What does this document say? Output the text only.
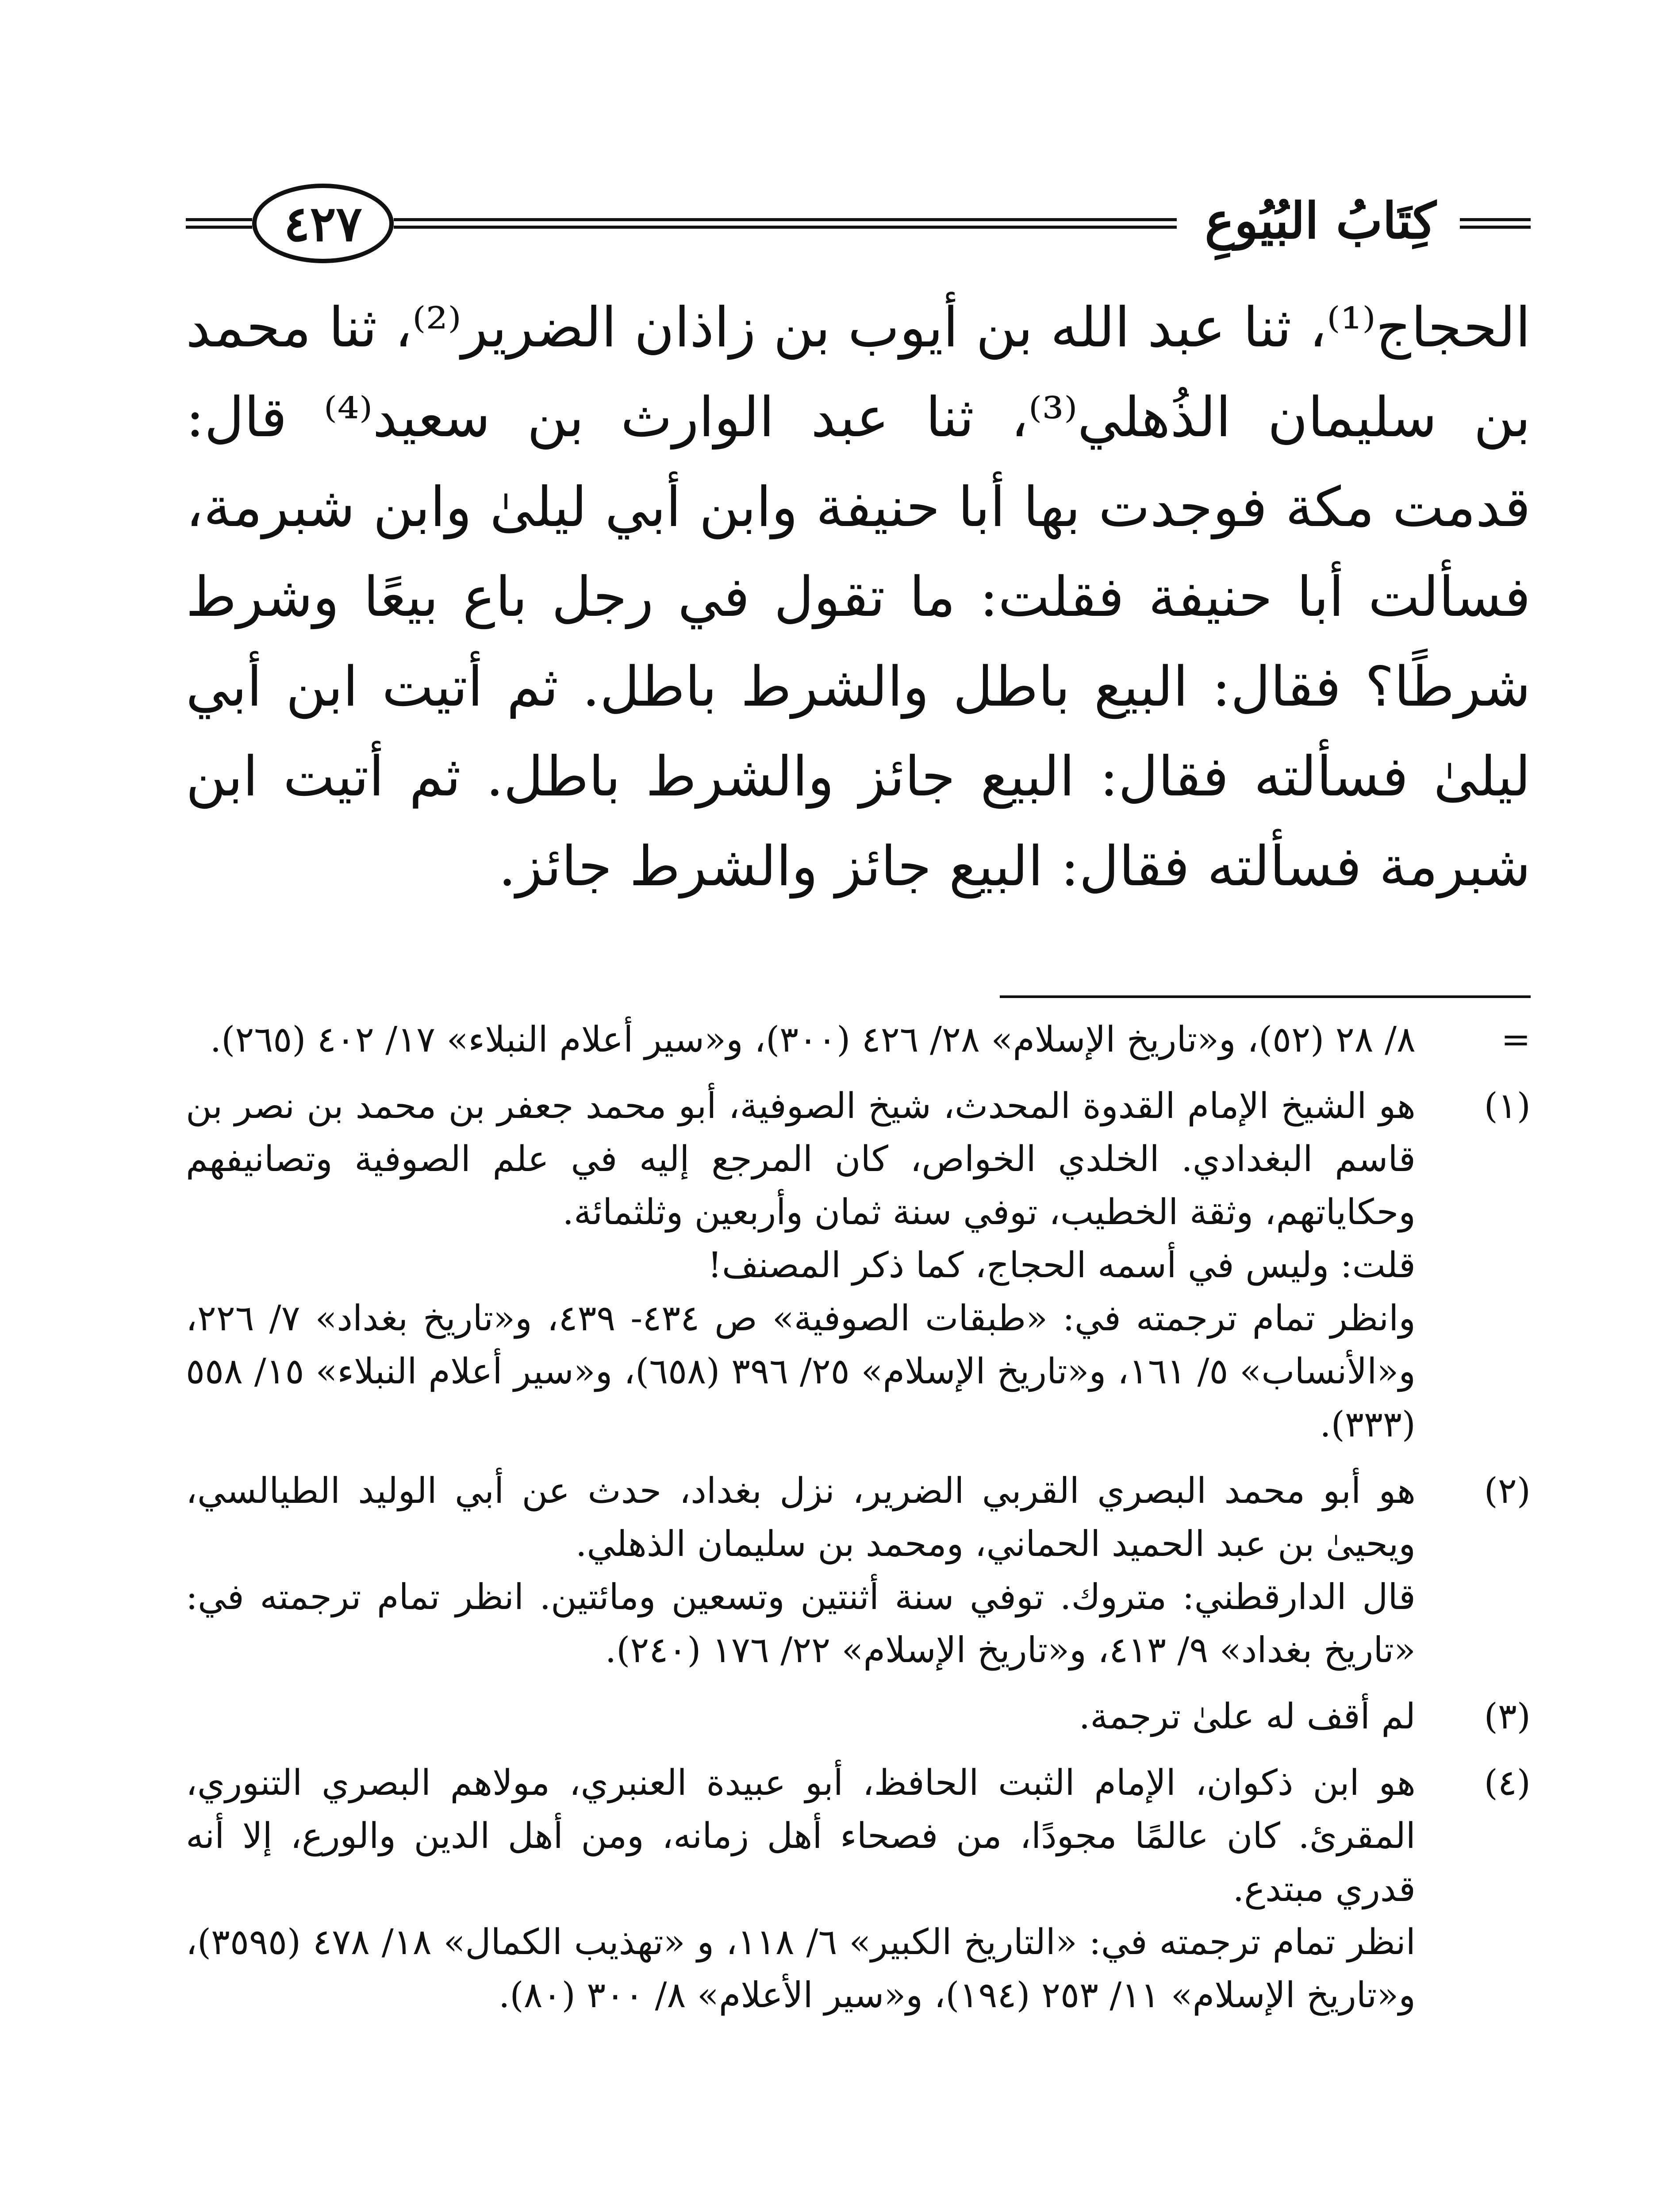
٤٢٧	كِتَابُ البُيُوعِ

الحجاج⁽¹⁾، ثنا عبد الله بن أيوب بن زاذان الضرير⁽²⁾، ثنا محمد بن سليمان الذُهلي⁽³⁾، ثنا عبد الوارث بن سعيد⁽⁴⁾ قال: قدمت مكة فوجدت بها أبا حنيفة وابن أبي ليلىٰ وابن شبرمة، فسألت أبا حنيفة فقلت: ما تقول في رجل باع بيعًا وشرط شرطًا؟ فقال: البيع باطل والشرط باطل. ثم أتيت ابن أبي ليلىٰ فسألته فقال: البيع جائز والشرط باطل. ثم أتيت ابن شبرمة فسألته فقال: البيع جائز والشرط جائز.

=
٨/ ٢٨ (٥٢)، و«تاريخ الإسلام» ٢٨/ ٤٢٦ (٣٠٠)، و«سير أعلام النبلاء» ١٧/ ٤٠٢ (٢٦٥).
(١)
هو الشيخ الإمام القدوة المحدث، شيخ الصوفية، أبو محمد جعفر بن محمد بن نصر بن قاسم البغدادي. الخلدي الخواص، كان المرجع إليه في علم الصوفية وتصانيفهم وحكاياتهم، وثقة الخطيب، توفي سنة ثمان وأربعين وثلثمائة.
قلت: وليس في أسمه الحجاج، كما ذكر المصنف!
وانظر تمام ترجمته في: «طبقات الصوفية» ص ٤٣٤- ٤٣٩، و«تاريخ بغداد» ٧/ ٢٢٦، و«الأنساب» ٥/ ١٦١، و«تاريخ الإسلام» ٢٥/ ٣٩٦ (٦٥٨)، و«سير أعلام النبلاء» ١٥/ ٥٥٨ (٣٣٣).
(٢)
هو أبو محمد البصري القربي الضرير، نزل بغداد، حدث عن أبي الوليد الطيالسي، ويحيىٰ بن عبد الحميد الحماني، ومحمد بن سليمان الذهلي.
قال الدارقطني: متروك. توفي سنة أثنتين وتسعين ومائتين. انظر تمام ترجمته في: «تاريخ بغداد» ٩/ ٤١٣، و«تاريخ الإسلام» ٢٢/ ١٧٦ (٢٤٠).
(٣)
لم أقف له علىٰ ترجمة.
(٤)
هو ابن ذكوان، الإمام الثبت الحافظ، أبو عبيدة العنبري، مولاهم البصري التنوري، المقرئ. كان عالمًا مجودًا، من فصحاء أهل زمانه، ومن أهل الدين والورع، إلا أنه قدري مبتدع.
انظر تمام ترجمته في: «التاريخ الكبير» ٦/ ١١٨، و «تهذيب الكمال» ١٨/ ٤٧٨ (٣٥٩٥)، و«تاريخ الإسلام» ١١/ ٢٥٣ (١٩٤)، و«سير الأعلام» ٨/ ٣٠٠ (٨٠).
